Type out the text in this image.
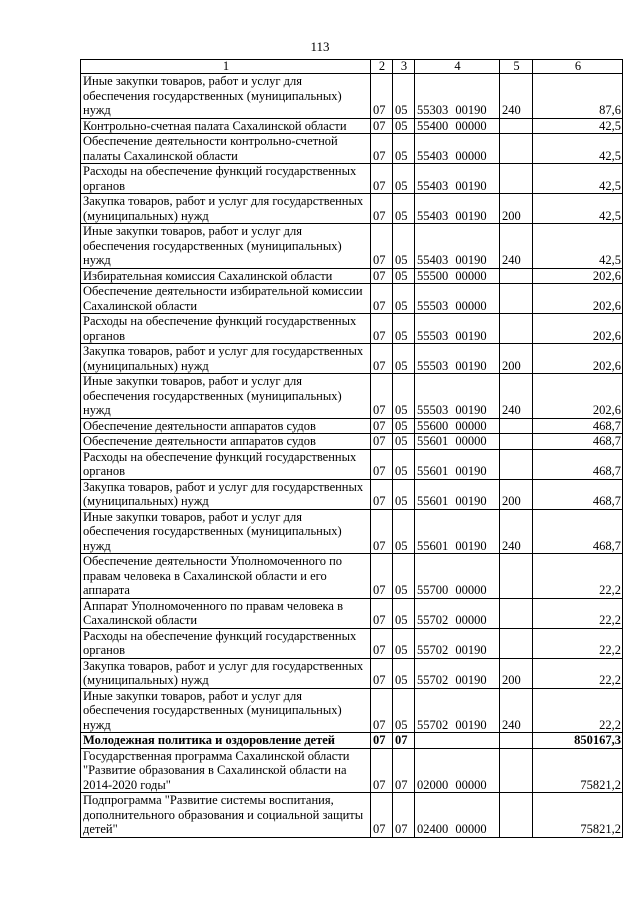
113
1	2	3	4	5	6
Иные закупки товаров, работ и услуг для обеспечения государственных (муниципальных) нужд	07	05	55303 00190	240	87,6
Контрольно-счетная палата Сахалинской области	07	05	55400 00000		42,5
Обеспечение деятельности контрольно-счетной палаты Сахалинской области	07	05	55403 00000		42,5
Расходы на обеспечение функций государственных органов	07	05	55403 00190		42,5
Закупка товаров, работ и услуг для государственных (муниципальных) нужд	07	05	55403 00190	200	42,5
Иные закупки товаров, работ и услуг для обеспечения государственных (муниципальных) нужд	07	05	55403 00190	240	42,5
Избирательная комиссия Сахалинской области	07	05	55500 00000		202,6
Обеспечение деятельности избирательной комиссии Сахалинской области	07	05	55503 00000		202,6
Расходы на обеспечение функций государственных органов	07	05	55503 00190		202,6
Закупка товаров, работ и услуг для государственных (муниципальных) нужд	07	05	55503 00190	200	202,6
Иные закупки товаров, работ и услуг для обеспечения государственных (муниципальных) нужд	07	05	55503 00190	240	202,6
Обеспечение деятельности аппаратов судов	07	05	55600 00000		468,7
Обеспечение деятельности аппаратов судов	07	05	55601 00000		468,7
Расходы на обеспечение функций государственных органов	07	05	55601 00190		468,7
Закупка товаров, работ и услуг для государственных (муниципальных) нужд	07	05	55601 00190	200	468,7
Иные закупки товаров, работ и услуг для обеспечения государственных (муниципальных) нужд	07	05	55601 00190	240	468,7
Обеспечение деятельности Уполномоченного по правам человека в Сахалинской области и его аппарата	07	05	55700 00000		22,2
Аппарат Уполномоченного по правам человека в Сахалинской области	07	05	55702 00000		22,2
Расходы на обеспечение функций государственных органов	07	05	55702 00190		22,2
Закупка товаров, работ и услуг для государственных (муниципальных) нужд	07	05	55702 00190	200	22,2
Иные закупки товаров, работ и услуг для обеспечения государственных (муниципальных) нужд	07	05	55702 00190	240	22,2
Молодежная политика и оздоровление детей	07	07			850167,3
Государственная программа Сахалинской области "Развитие образования в Сахалинской области на 2014-2020 годы"	07	07	02000 00000		75821,2
Подпрограмма "Развитие системы воспитания, дополнительного образования и социальной защиты детей"	07	07	02400 00000		75821,2
